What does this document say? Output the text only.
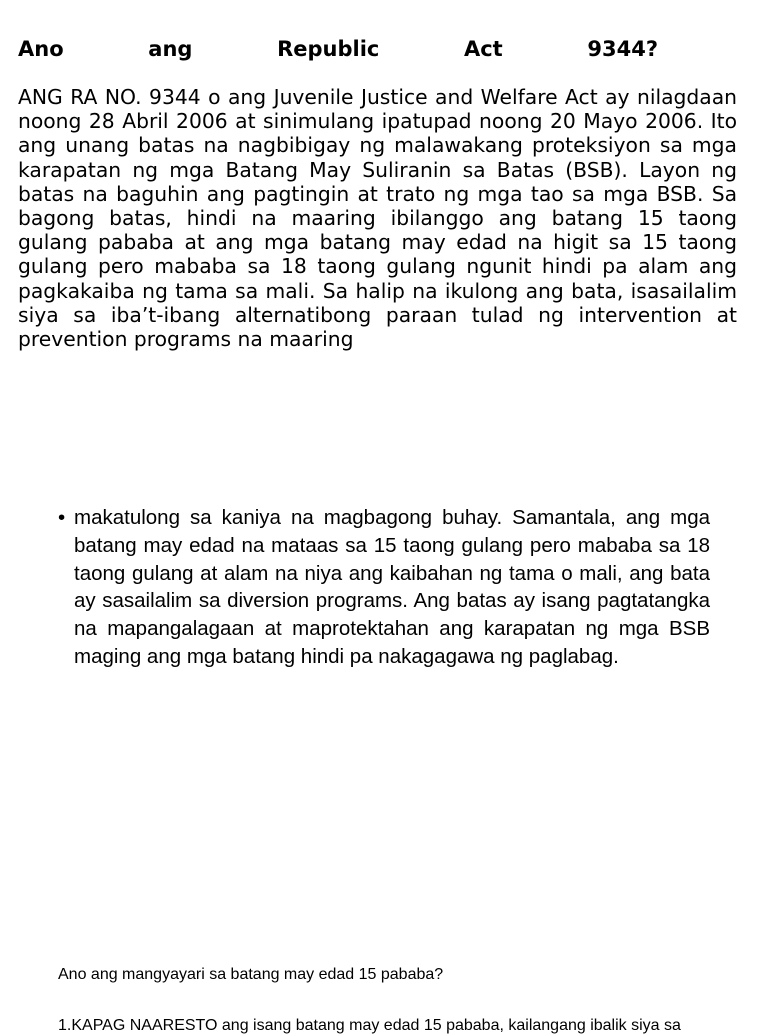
Ano ang Republic Act 9344?

ANG RA NO. 9344 o ang Juvenile Justice and Welfare Act ay nilagdaan noong 28 Abril 2006 at sinimulang ipatupad noong 20 Mayo 2006. Ito ang unang batas na nagbibigay ng malawakang proteksiyon sa mga karapatan ng mga Batang May Suliranin sa Batas (BSB). Layon ng batas na baguhin ang pagtingin at trato ng mga tao sa mga BSB. Sa bagong batas, hindi na maaring ibilanggo ang batang 15 taong gulang pababa at ang mga batang may edad na higit sa 15 taong gulang pero mababa sa 18 taong gulang ngunit hindi pa alam ang pagkakaiba ng tama sa mali. Sa halip na ikulong ang bata, isasailalim siya sa iba’t-ibang alternatibong paraan tulad ng intervention at prevention programs na maaring

• makatulong sa kaniya na magbagong buhay. Samantala, ang mga batang may edad na mataas sa 15 taong gulang pero mababa sa 18 taong gulang at alam na niya ang kaibahan ng tama o mali, ang bata ay sasailalim sa diversion programs. Ang batas ay isang pagtatangka na mapangalagaan at maprotektahan ang karapatan ng mga BSB maging ang mga batang hindi pa nakagagawa ng paglabag.

Ano ang mangyayari sa batang may edad 15 pababa?

1.KAPAG NAARESTO ang isang batang may edad 15 pababa, kailangang ibalik siya sa
